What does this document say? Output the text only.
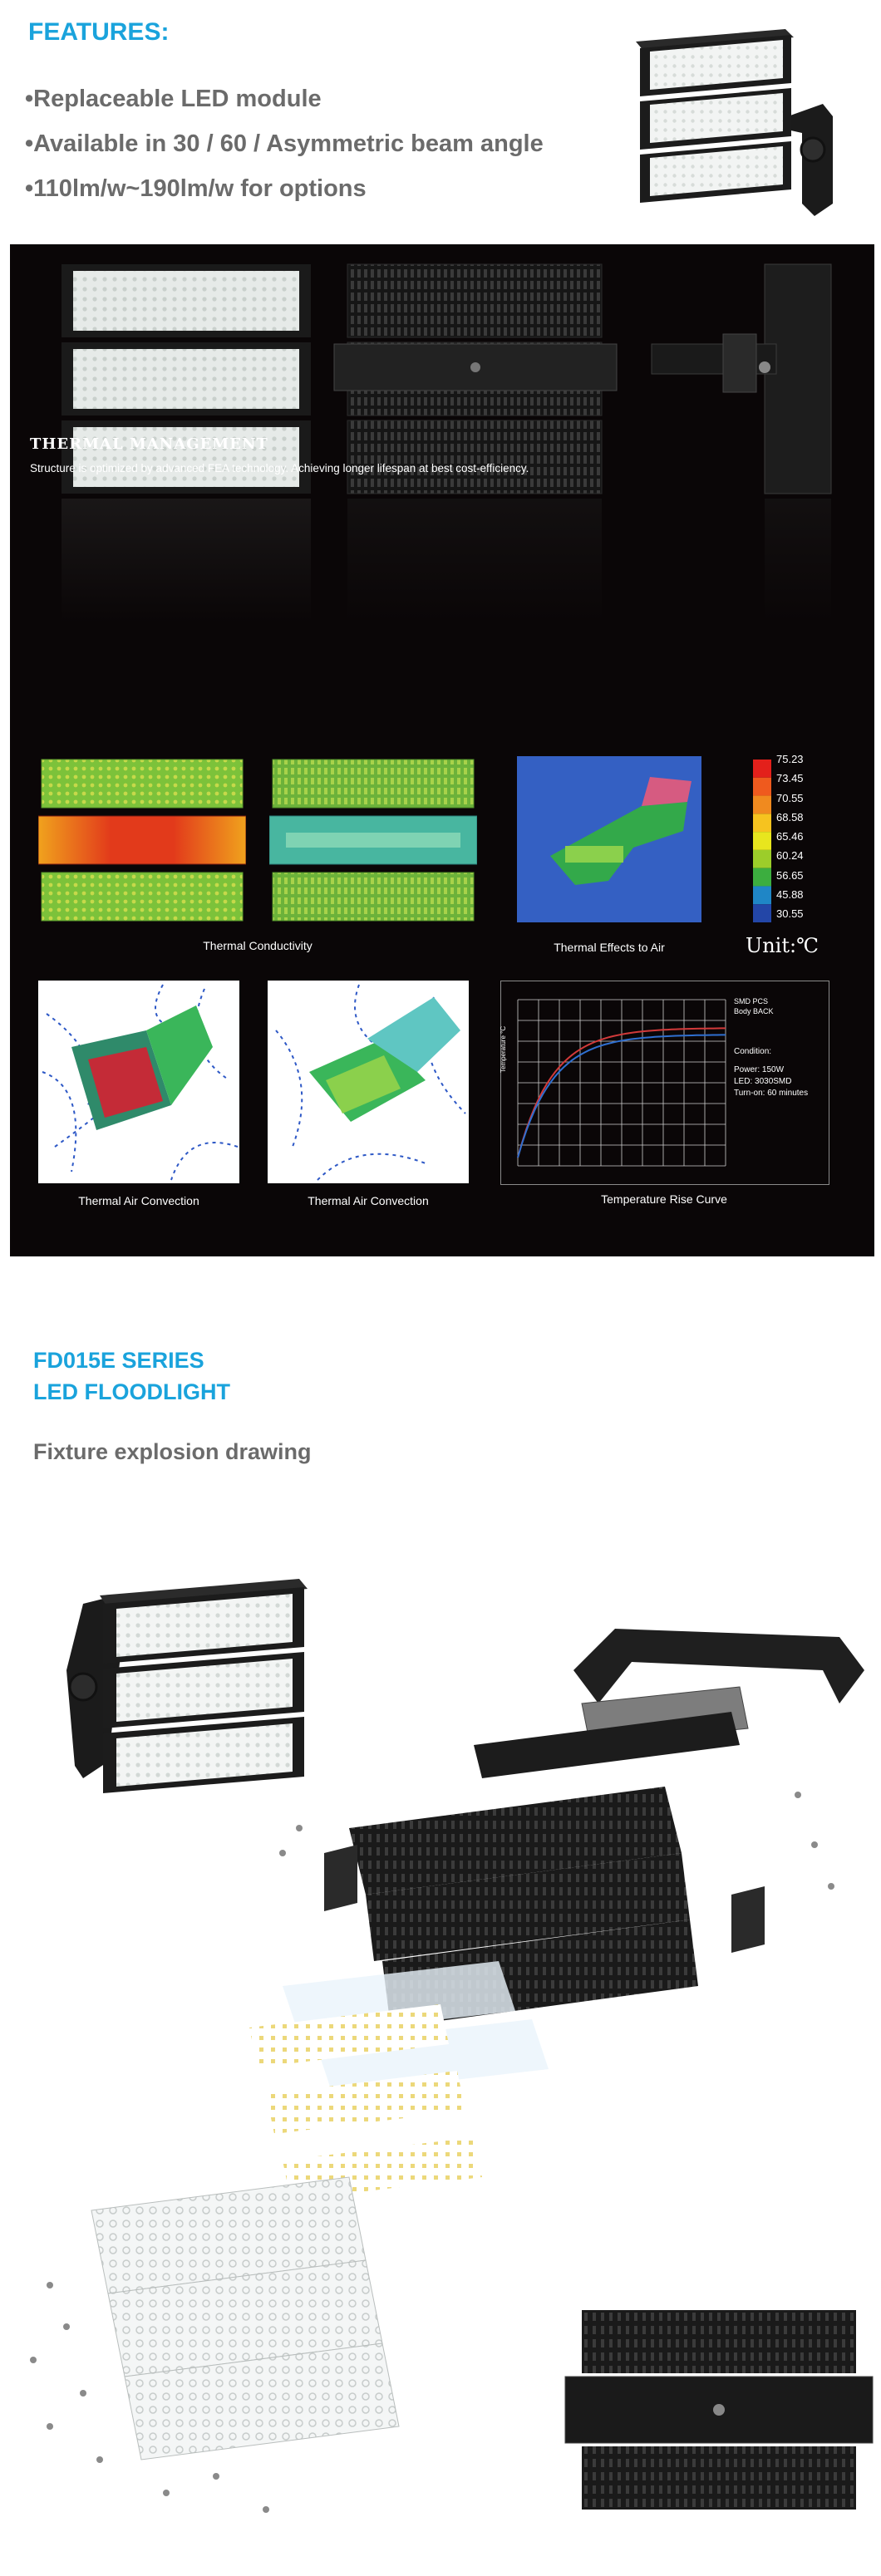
FEATURES:
•Replaceable LED module
•Available in 30 / 60 / Asymmetric beam angle
•110lm/w~190lm/w for options
THERMAL MANAGEMENT
Structure is optimized by advanced FEA technology. Achieving longer lifespan at best cost-efficiency.
75.23
73.45
70.55
68.58
65.46
60.24
56.65
45.88
30.55
Thermal Conductivity	Thermal Effects to Air	Unit:℃
SMD PCS
Body BACK
Condition:
Power: 150W
LED: 3030SMD
Turn-on: 60 minutes
Temperature °C
Thermal Air Convection	Thermal Air Convection	Temperature Rise Curve
FD015E SERIES
LED FLOODLIGHT
Fixture explosion drawing
